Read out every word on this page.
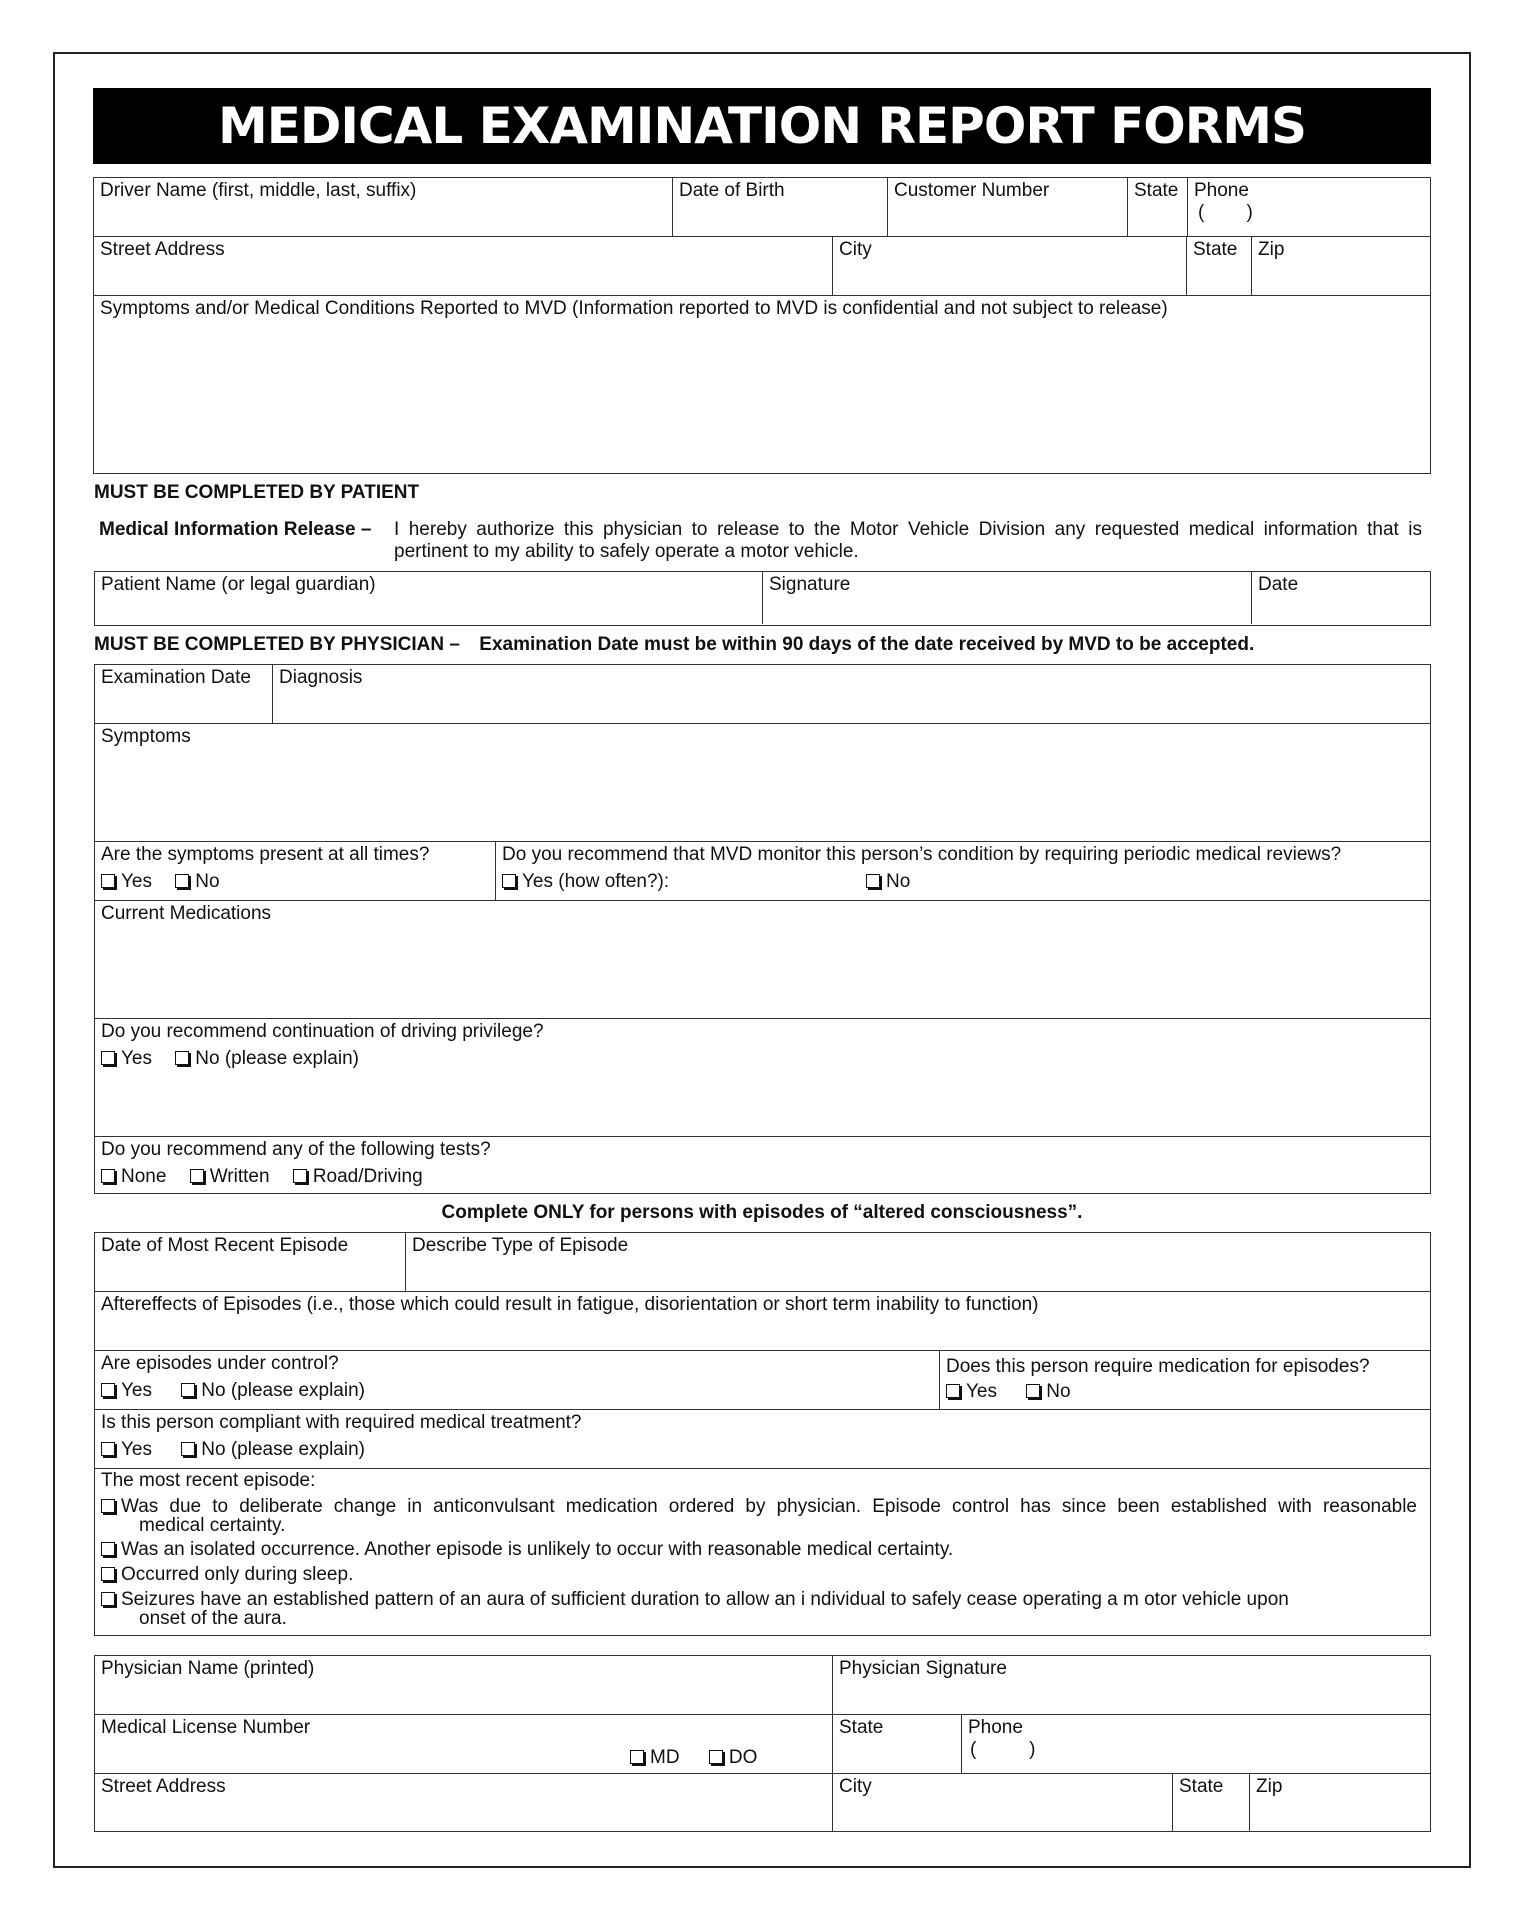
MEDICAL EXAMINATION REPORT FORMS
Driver Name (first, middle, last, suffix)	Date of Birth	Customer Number	State Phone
(        )
Street Address	City	State	Zip
Symptoms and/or Medical Conditions Reported to MVD (Information reported to MVD is confidential and not subject to release)
MUST BE COMPLETED BY PATIENT
Medical Information Release – I hereby authorize this physician to release to the Motor Vehicle Division any requested medical information that is
pertinent to my ability to safely operate a motor vehicle.
Patient Name (or legal guardian)	Signature	Date
MUST BE COMPLETED BY PHYSICIAN – Examination Date must be within 90 days of the date received by MVD to be accepted.
Examination Date	Diagnosis
Symptoms
Are the symptoms present at all times?
Yes No
Do you recommend that MVD monitor this person’s condition by requiring periodic medical reviews?
Yes (how often?):	No
Current Medications
Do you recommend continuation of driving privilege?
Yes No (please explain)
Do you recommend any of the following tests?
None Written Road/Driving
Complete ONLY for persons with episodes of “altered consciousness”.
Date of Most Recent Episode	Describe Type of Episode
Aftereffects of Episodes (i.e., those which could result in fatigue, disorientation or short term inability to function)
Are episodes under control?
Yes	No (please explain)
Does this person require medication for episodes?
Yes	No
Is this person compliant with required medical treatment?
Yes	No (please explain)
The most recent episode:
Was due to deliberate change in anticonvulsant medication ordered by physician. Episode control has since been established with reasonable
medical certainty.
Was an isolated occurrence. Another episode is unlikely to occur with reasonable medical certainty.
Occurred only during sleep.
Seizures have an established pattern of an aura of sufficient duration to allow an i ndividual to safely cease operating a m otor vehicle upon
onset of the aura.
Physician Name (printed)	Physician Signature
Medical License Number
MD	DO
State	Phone
(          )
Street Address	City	State	Zip
